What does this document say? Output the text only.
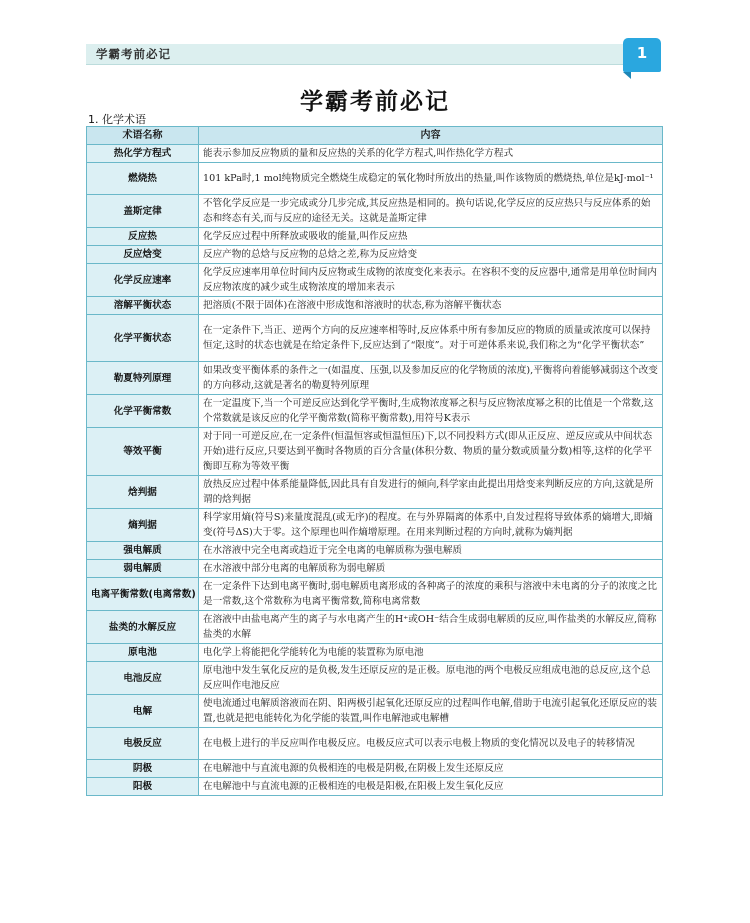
学霸考前必记	1
学霸考前必记
1. 化学术语
术语名称	内容
热化学方程式	能表示参加反应物质的量和反应热的关系的化学方程式,叫作热化学方程式
燃烧热	101 kPa时,1 mol纯物质完全燃烧生成稳定的氧化物时所放出的热量,叫作该物质的燃烧热,单位是kJ·mol⁻¹
盖斯定律	不管化学反应是一步完成或分几步完成,其反应热是相同的。换句话说,化学反应的反应热只与反应体系的始态和终态有关,而与反应的途径无关。这就是盖斯定律
反应热	化学反应过程中所释放或吸收的能量,叫作反应热
反应焓变	反应产物的总焓与反应物的总焓之差,称为反应焓变
化学反应速率	化学反应速率用单位时间内反应物或生成物的浓度变化来表示。在容积不变的反应器中,通常是用单位时间内反应物浓度的减少或生成物浓度的增加来表示
溶解平衡状态	把溶质(不限于固体)在溶液中形成饱和溶液时的状态,称为溶解平衡状态
化学平衡状态	在一定条件下,当正、逆两个方向的反应速率相等时,反应体系中所有参加反应的物质的质量或浓度可以保持恒定,这时的状态也就是在给定条件下,反应达到了“限度”。对于可逆体系来说,我们称之为“化学平衡状态”
勒夏特列原理	如果改变平衡体系的条件之一(如温度、压强,以及参加反应的化学物质的浓度),平衡将向着能够减弱这个改变的方向移动,这就是著名的勒夏特列原理
化学平衡常数	在一定温度下,当一个可逆反应达到化学平衡时,生成物浓度幂之积与反应物浓度幂之积的比值是一个常数,这个常数就是该反应的化学平衡常数(简称平衡常数),用符号K表示
等效平衡	对于同一可逆反应,在一定条件(恒温恒容或恒温恒压)下,以不同投料方式(即从正反应、逆反应或从中间状态开始)进行反应,只要达到平衡时各物质的百分含量(体积分数、物质的量分数或质量分数)相等,这样的化学平衡即互称为等效平衡
焓判据	放热反应过程中体系能量降低,因此具有自发进行的倾向,科学家由此提出用焓变来判断反应的方向,这就是所谓的焓判据
熵判据	科学家用熵(符号S)来量度混乱(或无序)的程度。在与外界隔离的体系中,自发过程将导致体系的熵增大,即熵变(符号ΔS)大于零。这个原理也叫作熵增原理。在用来判断过程的方向时,就称为熵判据
强电解质	在水溶液中完全电离或趋近于完全电离的电解质称为强电解质
弱电解质	在水溶液中部分电离的电解质称为弱电解质
电离平衡常数(电离常数)	在一定条件下达到电离平衡时,弱电解质电离形成的各种离子的浓度的乘积与溶液中未电离的分子的浓度之比是一常数,这个常数称为电离平衡常数,简称电离常数
盐类的水解反应	在溶液中由盐电离产生的离子与水电离产生的H⁺或OH⁻结合生成弱电解质的反应,叫作盐类的水解反应,简称盐类的水解
原电池	电化学上将能把化学能转化为电能的装置称为原电池
电池反应	原电池中发生氧化反应的是负极,发生还原反应的是正极。原电池的两个电极反应组成电池的总反应,这个总反应叫作电池反应
电解	使电流通过电解质溶液而在阴、阳两极引起氧化还原反应的过程叫作电解,借助于电流引起氧化还原反应的装置,也就是把电能转化为化学能的装置,叫作电解池或电解槽
电极反应	在电极上进行的半反应叫作电极反应。电极反应式可以表示电极上物质的变化情况以及电子的转移情况
阴极	在电解池中与直流电源的负极相连的电极是阴极,在阴极上发生还原反应
阳极	在电解池中与直流电源的正极相连的电极是阳极,在阳极上发生氧化反应
